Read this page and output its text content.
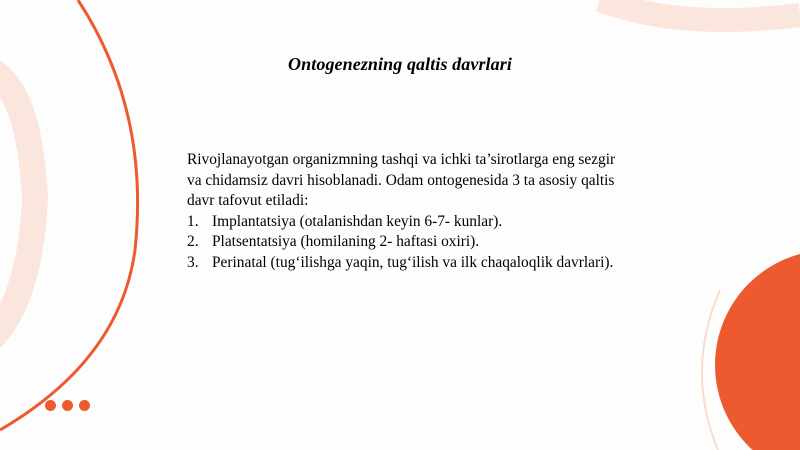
Ontogenezning qaltis davrlari

Rivojlanayotgan organizmning tashqi va ichki ta’sirotlarga eng sezgir va chidamsiz davri hisoblanadi. Odam ontogenesida 3 ta asosiy qaltis davr tafovut etiladi:

1. Implantatsiya (otalanishdan keyin 6-7- kunlar).
2. Platsentatsiya (homilaning 2- haftasi oxiri).
3. Perinatal (tug‘ilishga yaqin, tug‘ilish va ilk chaqaloqlik davrlari).
